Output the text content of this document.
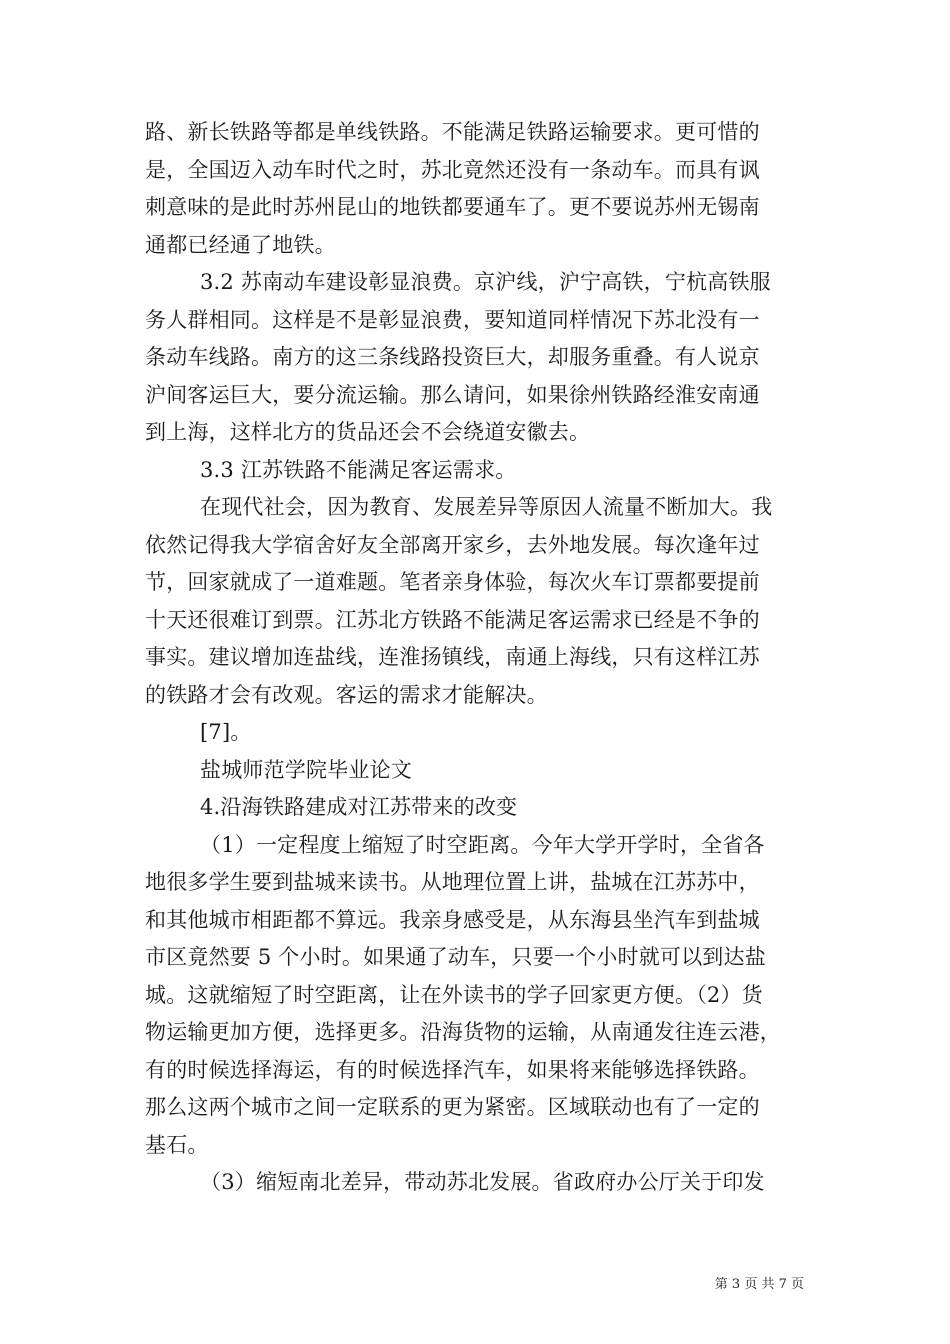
路、新长铁路等都是单线铁路。不能满足铁路运输要求。更可惜的

是，全国迈入动车时代之时，苏北竟然还没有一条动车。而具有讽

刺意味的是此时苏州昆山的地铁都要通车了。更不要说苏州无锡南

通都已经通了地铁。

3.2 苏南动车建设彰显浪费。京沪线，沪宁高铁，宁杭高铁服

务人群相同。这样是不是彰显浪费，要知道同样情况下苏北没有一

条动车线路。南方的这三条线路投资巨大，却服务重叠。有人说京

沪间客运巨大，要分流运输。那么请问，如果徐州铁路经淮安南通

到上海，这样北方的货品还会不会绕道安徽去。

3.3 江苏铁路不能满足客运需求。

在现代社会，因为教育、发展差异等原因人流量不断加大。我

依然记得我大学宿舍好友全部离开家乡，去外地发展。每次逢年过

节，回家就成了一道难题。笔者亲身体验，每次火车订票都要提前

十天还很难订到票。江苏北方铁路不能满足客运需求已经是不争的

事实。建议增加连盐线，连淮扬镇线，南通上海线，只有这样江苏

的铁路才会有改观。客运的需求才能解决。

[7]。

盐城师范学院毕业论文

4.沿海铁路建成对江苏带来的改变

（1）一定程度上缩短了时空距离。今年大学开学时，全省各

地很多学生要到盐城来读书。从地理位置上讲，盐城在江苏苏中，

和其他城市相距都不算远。我亲身感受是，从东海县坐汽车到盐城

市区竟然要 5 个小时。如果通了动车，只要一个小时就可以到达盐

城。这就缩短了时空距离，让在外读书的学子回家更方便。（2）货

物运输更加方便，选择更多。沿海货物的运输，从南通发往连云港，

有的时候选择海运，有的时候选择汽车，如果将来能够选择铁路。

那么这两个城市之间一定联系的更为紧密。区域联动也有了一定的

基石。

（3）缩短南北差异，带动苏北发展。省政府办公厅关于印发

第 3 页 共 7 页
